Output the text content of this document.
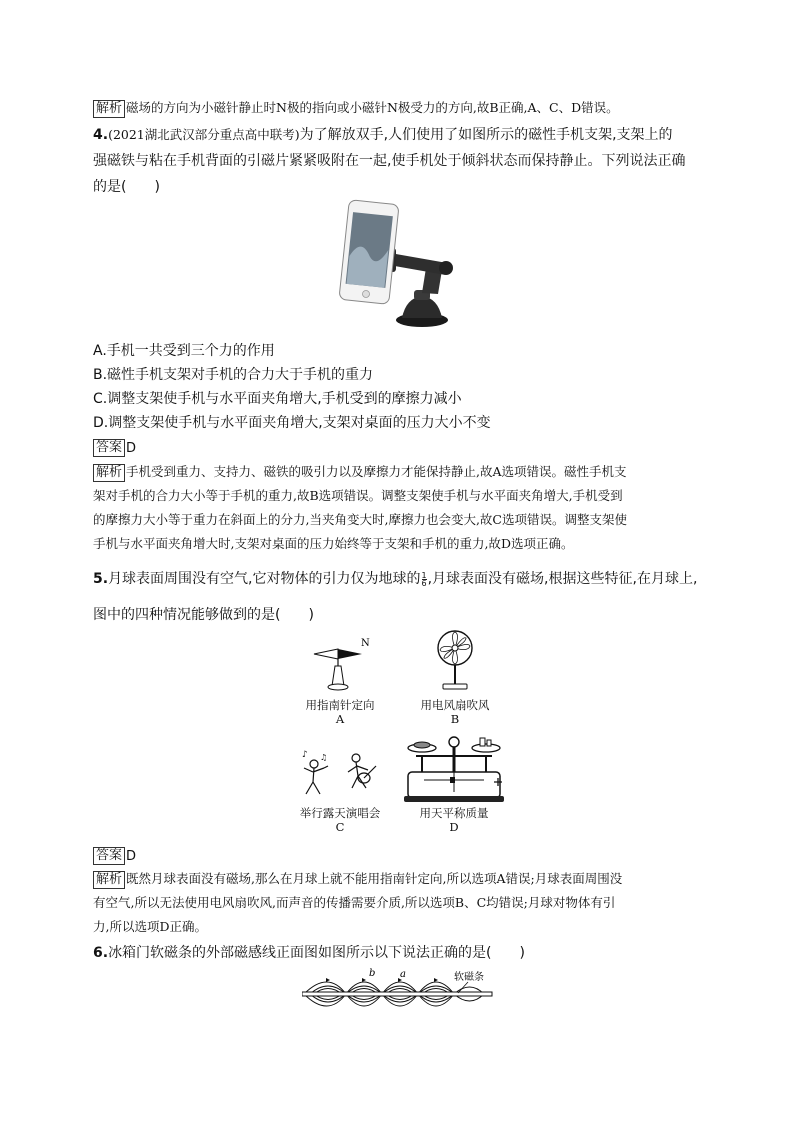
解析 磁场的方向为小磁针静止时N极的指向或小磁针N极受力的方向,故B正确,A、C、D错误。
4.(2021湖北武汉部分重点高中联考)为了解放双手,人们使用了如图所示的磁性手机支架,支架上的
强磁铁与粘在手机背面的引磁片紧紧吸附在一起,使手机处于倾斜状态而保持静止。下列说法正确
的是(　　)
A.手机一共受到三个力的作用
B.磁性手机支架对手机的合力大于手机的重力
C.调整支架使手机与水平面夹角增大,手机受到的摩擦力减小
D.调整支架使手机与水平面夹角增大,支架对桌面的压力大小不变
答案 D
解析 手机受到重力、支持力、磁铁的吸引力以及摩擦力才能保持静止,故A选项错误。磁性手机支
架对手机的合力大小等于手机的重力,故B选项错误。调整支架使手机与水平面夹角增大,手机受到
的摩擦力大小等于重力在斜面上的分力,当夹角变大时,摩擦力也会变大,故C选项错误。调整支架使
手机与水平面夹角增大时,支架对桌面的压力始终等于支架和手机的重力,故D选项正确。
5.月球表面周围没有空气,它对物体的引力仅为地球的 $\frac{1}{6}$ ,月球表面没有磁场,根据这些特征,在月球上,
图中的四种情况能够做到的是(　　)
N
用指南针定向
A
用电风扇吹风
B
♪ ♫
举行露天演唱会
C
用天平称质量
D
答案 D
解析 既然月球表面没有磁场,那么在月球上就不能用指南针定向,所以选项A错误;月球表面周围没
有空气,所以无法使用电风扇吹风,而声音的传播需要介质,所以选项B、C均错误;月球对物体有引
力,所以选项D正确。
6.冰箱门软磁条的外部磁感线正面图如图所示以下说法正确的是(　　)
b a	软磁条
